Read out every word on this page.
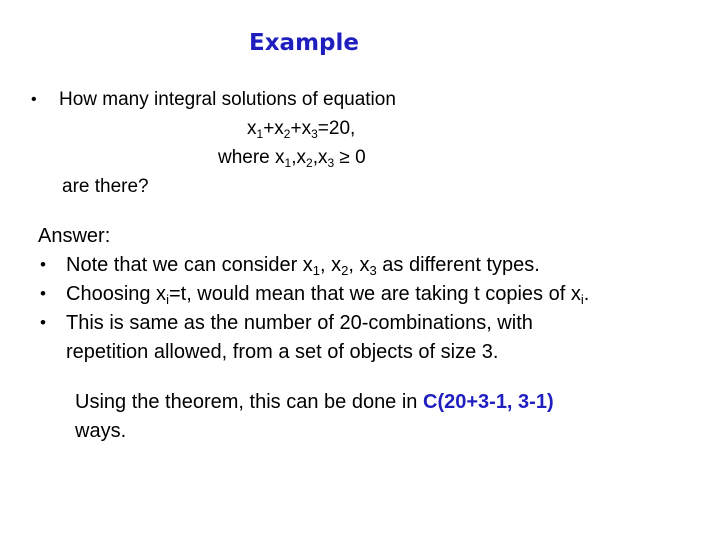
Example
• How many integral solutions of equation
$x_1+x_2+x_3=20$,
where $x_1,x_2,x_3 \ge 0$
are there?
Answer:
• Note that we can consider $x_1$, $x_2$, $x_3$ as different types.
• Choosing $x_i=t$, would mean that we are taking t copies of $x_i$.
• This is same as the number of 20-combinations, with
repetition allowed, from a set of objects of size 3.
Using the theorem, this can be done in C(20+3-1, 3-1)
ways.
